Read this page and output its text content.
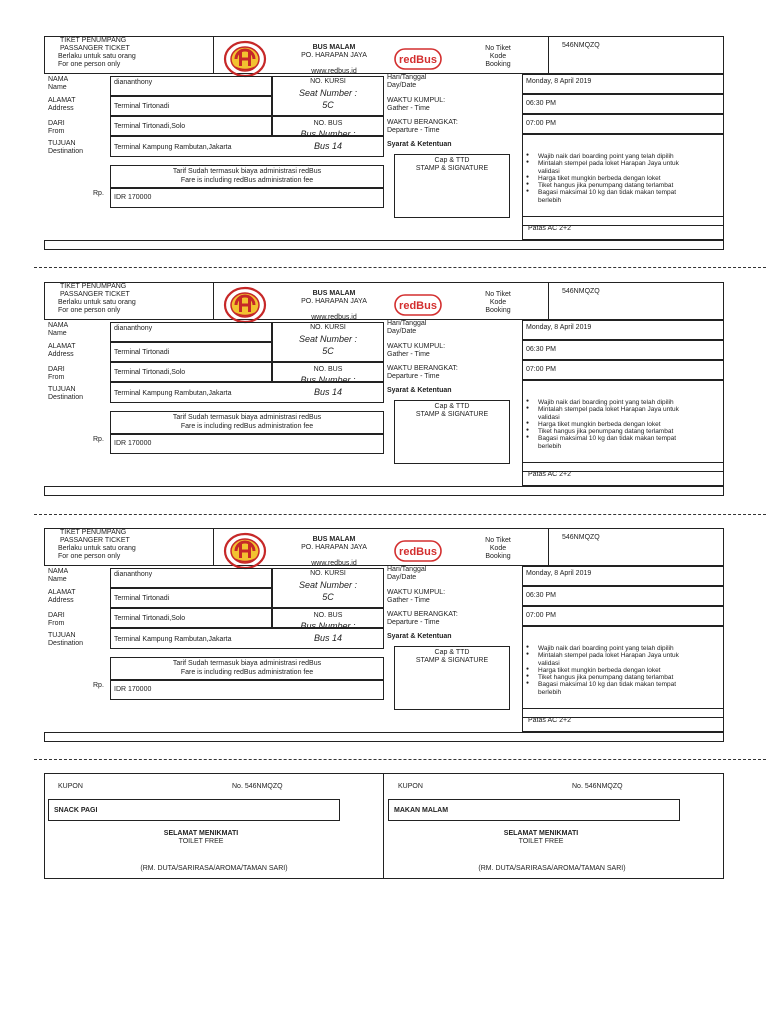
TIKET PENUMPANG
PASSANGER TICKET
Berlaku untuk satu orang
For one person only
BUS MALAM
PO. HARAPAN JAYA
www.redbus.id
redBus
No Tiket
Kode
Booking
546NMQZQ
NAMA
Name
ALAMAT
Address
DARI
From
TUJUAN
Destination
diananthony
Terminal Tirtonadi
Terminal Tirtonadi,Solo
Terminal Kampung Rambutan,Jakarta
NO. KURSI
Seat Number :
5C
NO. BUS
Bus Number :
Bus 14
Tarif Sudah termasuk biaya administrasi redBus
Fare is including redBus administration fee
Rp.
IDR 170000
Hari/Tanggal
Day/Date
WAKTU KUMPUL:
Gather - Time
WAKTU BERANGKAT:
Departure - Time
Syarat & Ketentuan
Cap & TTD
STAMP & SIGNATURE
Monday, 8 April 2019
06:30 PM
07:00 PM
● Wajib naik dari boarding point yang telah dipilih
● Mintalah stempel pada loket Harapan Jaya untuk validasi
● Harga tiket mungkin berbeda dengan loket
● Tiket hangus jika penumpang datang terlambat
● Bagasi maksimal 10 kg dan tidak makan tempat berlebih
Patas AC 2+2
TIKET PENUMPANG
PASSANGER TICKET
Berlaku untuk satu orang
For one person only
BUS MALAM
PO. HARAPAN JAYA
www.redbus.id
redBus
No Tiket
Kode
Booking
546NMQZQ
NAMA
Name
ALAMAT
Address
DARI
From
TUJUAN
Destination
diananthony
Terminal Tirtonadi
Terminal Tirtonadi,Solo
Terminal Kampung Rambutan,Jakarta
NO. KURSI
Seat Number :
5C
NO. BUS
Bus Number :
Bus 14
Tarif Sudah termasuk biaya administrasi redBus
Fare is including redBus administration fee
Rp.
IDR 170000
Hari/Tanggal
Day/Date
WAKTU KUMPUL:
Gather - Time
WAKTU BERANGKAT:
Departure - Time
Syarat & Ketentuan
Cap & TTD
STAMP & SIGNATURE
Monday, 8 April 2019
06:30 PM
07:00 PM
● Wajib naik dari boarding point yang telah dipilih
● Mintalah stempel pada loket Harapan Jaya untuk validasi
● Harga tiket mungkin berbeda dengan loket
● Tiket hangus jika penumpang datang terlambat
● Bagasi maksimal 10 kg dan tidak makan tempat berlebih
Patas AC 2+2
TIKET PENUMPANG
PASSANGER TICKET
Berlaku untuk satu orang
For one person only
BUS MALAM
PO. HARAPAN JAYA
www.redbus.id
redBus
No Tiket
Kode
Booking
546NMQZQ
NAMA
Name
ALAMAT
Address
DARI
From
TUJUAN
Destination
diananthony
Terminal Tirtonadi
Terminal Tirtonadi,Solo
Terminal Kampung Rambutan,Jakarta
NO. KURSI
Seat Number :
5C
NO. BUS
Bus Number :
Bus 14
Tarif Sudah termasuk biaya administrasi redBus
Fare is including redBus administration fee
Rp.
IDR 170000
Hari/Tanggal
Day/Date
WAKTU KUMPUL:
Gather - Time
WAKTU BERANGKAT:
Departure - Time
Syarat & Ketentuan
Cap & TTD
STAMP & SIGNATURE
Monday, 8 April 2019
06:30 PM
07:00 PM
● Wajib naik dari boarding point yang telah dipilih
● Mintalah stempel pada loket Harapan Jaya untuk validasi
● Harga tiket mungkin berbeda dengan loket
● Tiket hangus jika penumpang datang terlambat
● Bagasi maksimal 10 kg dan tidak makan tempat berlebih
Patas AC 2+2
KUPON	No. 546NMQZQ
SNACK PAGI
SELAMAT MENIKMATI
TOILET FREE
(RM. DUTA/SARIRASA/AROMA/TAMAN SARI)
KUPON	No. 546NMQZQ
MAKAN MALAM
SELAMAT MENIKMATI
TOILET FREE
(RM. DUTA/SARIRASA/AROMA/TAMAN SARI)
